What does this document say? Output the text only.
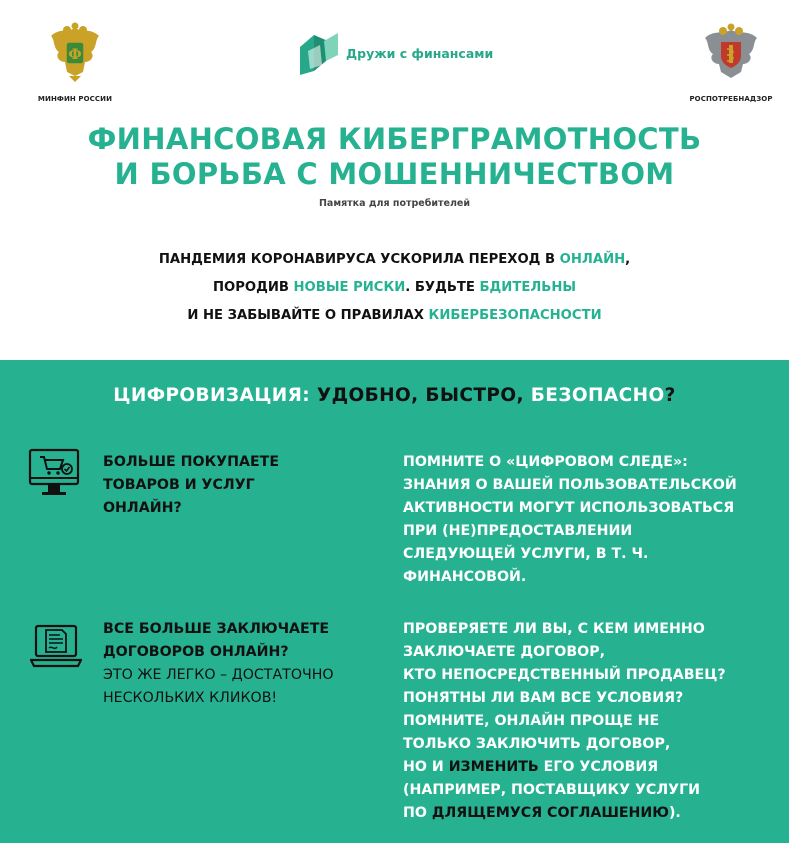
Ф
МИНФИН РОССИИ
Дружи с финансами
РОСПОТРЕБНАДЗОР
ФИНАНСОВАЯ КИБЕРГРАМОТНОСТЬ
И БОРЬБА С МОШЕННИЧЕСТВОМ
Памятка для потребителей
ПАНДЕМИЯ КОРОНАВИРУСА УСКОРИЛА ПЕРЕХОД В ОНЛАЙН,
ПОРОДИВ НОВЫЕ РИСКИ. БУДЬТЕ БДИТЕЛЬНЫ
И НЕ ЗАБЫВАЙТЕ О ПРАВИЛАХ КИБЕРБЕЗОПАСНОСТИ
ЦИФРОВИЗАЦИЯ: УДОБНО, БЫСТРО, БЕЗОПАСНО?
БОЛЬШЕ ПОКУПАЕТЕ
ТОВАРОВ И УСЛУГ
ОНЛАЙН?
ПОМНИТЕ О «ЦИФРОВОМ СЛЕДЕ»:
ЗНАНИЯ О ВАШЕЙ ПОЛЬЗОВАТЕЛЬСКОЙ
АКТИВНОСТИ МОГУТ ИСПОЛЬЗОВАТЬСЯ
ПРИ (НЕ)ПРЕДОСТАВЛЕНИИ
СЛЕДУЮЩЕЙ УСЛУГИ, В Т. Ч.
ФИНАНСОВОЙ.
ВСЕ БОЛЬШЕ ЗАКЛЮЧАЕТЕ
ДОГОВОРОВ ОНЛАЙН?
ЭТО ЖЕ ЛЕГКО – ДОСТАТОЧНО
НЕСКОЛЬКИХ КЛИКОВ!
ПРОВЕРЯЕТЕ ЛИ ВЫ, С КЕМ ИМЕННО
ЗАКЛЮЧАЕТЕ ДОГОВОР,
КТО НЕПОСРЕДСТВЕННЫЙ ПРОДАВЕЦ?
ПОНЯТНЫ ЛИ ВАМ ВСЕ УСЛОВИЯ?
ПОМНИТЕ, ОНЛАЙН ПРОЩЕ НЕ
ТОЛЬКО ЗАКЛЮЧИТЬ ДОГОВОР,
НО И ИЗМЕНИТЬ ЕГО УСЛОВИЯ
(НАПРИМЕР, ПОСТАВЩИКУ УСЛУГИ
ПО ДЛЯЩЕМУСЯ СОГЛАШЕНИЮ).
